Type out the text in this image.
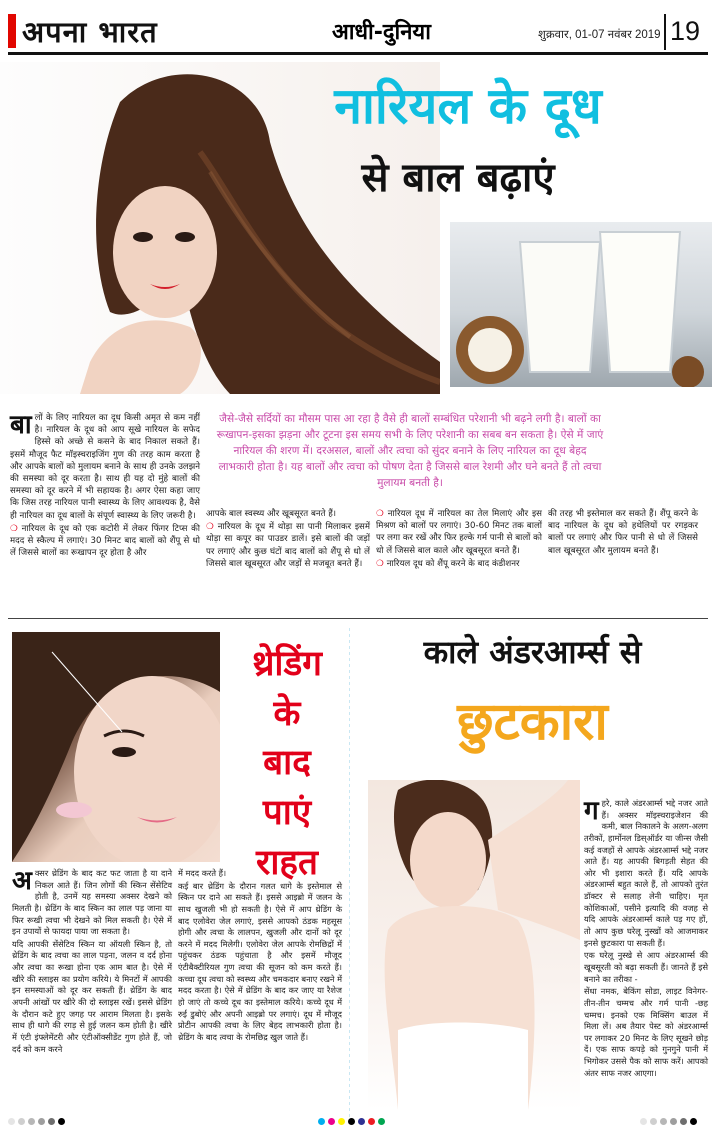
अपना भारत	आधी-दुनिया	शुक्रवार, 01-07 नवंबर 2019 19
नारियल के दूध
से बाल बढ़ाएं
जैसे-जैसे सर्दियों का मौसम पास आ रहा है वैसे ही बालों सम्बंधित परेशानी भी बढ़ने लगी है। बालों का रूखापन-इसका झड़ना और टूटना इस समय सभी के लिए परेशानी का सबब बन सकता है। ऐसे में जाएं नारियल की शरण में। दरअसल, बालों और त्वचा को सुंदर बनाने के लिए नारियल का दूध बेहद लाभकारी होता है। यह बालों और त्वचा को पोषण देता है जिससे बाल रेशमी और घने बनते हैं तो त्वचा मुलायम बनती है।

बालों के लिए नारियल का दूध किसी अमृत से कम नहीं है। नारियल के दूध को आप सूखे नारियल के सफेद हिस्से को अच्छे से कसने के बाद निकाल सकते हैं। इसमें मौजूद फैट मॉइस्चराइजिंग गुण की तरह काम करता है और आपके बालों को मुलायम बनाने के साथ ही उनके उलझने की समस्या को दूर करता है। साथ ही यह दो मुंहे बालों की समस्या को दूर करने में भी सहायक है। अगर ऐसा कहा जाए कि जिस तरह नारियल पानी स्वास्थ्य के लिए आवश्यक है, वैसे ही नारियल का दूध बालों के संपूर्ण स्वास्थ्य के लिए जरूरी है।

❍ नारियल के दूध को एक कटोरी में लेकर फिंगर टिप्स की मदद से स्कैल्प में लगाएं। 30 मिनट बाद बालों को शैंपू से धो लें जिससे बालों का रूखापन दूर होता है और

आपके बाल स्वस्थ्य और खूबसूरत बनते हैं।

❍ नारियल के दूध में थोड़ा सा पानी मिलाकर इसमें थोड़ा सा कपूर का पाउडर डालें। इसे बालों की जड़ों पर लगाएं और कुछ घंटों बाद बालों को शैंपू से धो लें जिससे बाल खूबसूरत और जड़ों से मजबूत बनते हैं।

❍ नारियल दूध में नारियल का तेल मिलाएं और इस मिश्रण को बालों पर लगाएं। 30-60 मिनट तक बालों पर लगा कर रखें और फिर हल्के गर्म पानी से बालों को धो लें जिससे बाल काले और खूबसूरत बनते हैं।

❍ नारियल दूध को शैंपू करने के बाद कंडीशनर

की तरह भी इस्तेमाल कर सकते हैं। शैंपू करने के बाद नारियल के दूध को हथेलियों पर रगड़कर बालों पर लगाएं और फिर पानी से धो लें जिससे बाल खूबसूरत और मुलायम बनते हैं।

थ्रेडिंग
के
बाद
पाएं
राहत

अक्सर थ्रेडिंग के बाद कट फट जाता है या दाने निकल आते हैं। जिन लोगों की स्किन सेंसेटिव होती है, उनमें यह समस्या अक्सर देखने को मिलती है। थ्रेडिंग के बाद स्किन का लाल पड़ जाना या फिर रूखी त्वचा भी देखने को मिल सकती है। ऐसे में इन उपायों से फायदा पाया जा सकता है।

यदि आपकी सेंसेटिव स्किन या ऑयली स्किन है, तो थ्रेडिंग के बाद त्वचा का लाल पड़ना, जलन व दर्द होना और त्वचा का रूखा होना एक आम बात है। ऐसे में खीरे की स्लाइस का प्रयोग करिये। ये मिनटों में आपकी इन समस्याओं को दूर कर सकती हैं। थ्रेडिंग के बाद अपनी आंखों पर खीरे की दो स्लाइस रखें। इससे थ्रेडिंग के दौरान कटे हुए जगह पर आराम मिलता है। इसके साथ ही धागे की रगड़ से हुई जलन कम होती है। खीरे में एंटी इंफ्लेमेंटरी और एंटीऑक्सीडेंट गुण होते हैं, जो दर्द को कम करने

में मदद करते हैं।

कई बार थ्रेडिंग के दौरान गलत धागे के इस्तेमाल से स्किन पर दाने आ सकते हैं। इससे आइब्रो में जलन के साथ खुजली भी हो सकती है। ऐसे में आप थ्रेडिंग के बाद एलोवेरा जेल लगाएं, इससे आपको ठंडक महसूस होगी और त्वचा के लालपन, खुजली और दानों को दूर करने में मदद मिलेगी। एलोवेरा जेल आपके रोमछिद्रों में पहुंचकर ठंडक पहुंचाता है और इसमें मौजूद एंटीबैक्टीरियल गुण त्वचा की सूजन को कम करते हैं। कच्चा दूध त्वचा को स्वस्थ्य और चमकदार बनाए रखने में मदद करता है। ऐसे में थ्रेडिंग के बाद कर जाए या रैशेज हो जाएं तो कच्चे दूध का इस्तेमाल करिये। कच्चे दूध में रुई डुबोएं और अपनी आइब्रो पर लगाएं। दूध में मौजूद प्रोटीन आपकी त्वचा के लिए बेहद लाभकारी होता है। थ्रेडिंग के बाद त्वचा के रोमछिद्र खुल जाते हैं।

काले अंडरआर्म्स से
छुटकारा

गहरे, काले अंडरआर्म्स भद्दे नजर आते हैं। अक्सर मॉइस्चराइजेशन की कमी, बाल निकालने के अलग-अलग तरीकों, हार्मोनल डिस्ऑर्डर या जीन्स जैसी कई वजहों से आपके अंडरआर्म्स भद्दे नजर आते हैं। यह आपकी बिगड़ती सेहत की ओर भी इशारा करते हैं। यदि आपके अंडरआर्म्स बहुत काले हैं, तो आपको तुरंत डॉक्टर से सलाह लेनी चाहिए। मृत कोशिकाओं, पसीने इत्यादि की वजह से यदि आपके अंडरआर्म्स काले पड़ गए हों, तो आप कुछ घरेलू नुस्खों को आजमाकर इनसे छुटकारा पा सकती हैं।

एक घरेलू नुस्खे से आप अंडरआर्म्स की खूबसूरती को बढ़ा सकती हैं। जानते हैं इसे बनाने का तरीका -

सेंधा नमक, बेकिंग सोडा, लाइट विनेगर-तीन-तीन चम्मच और गर्म पानी -छह चम्मच। इनको एक मिक्सिंग बाउल में मिला लें। अब तैयार पेस्ट को अंडरआर्म्स पर लगाकर 20 मिनट के लिए सूखने छोड़ दें। एक साफ कपड़े को गुनगुने पानी में भिगोकर उससे पैक को साफ करें। आपको अंतर साफ नजर आएगा।
